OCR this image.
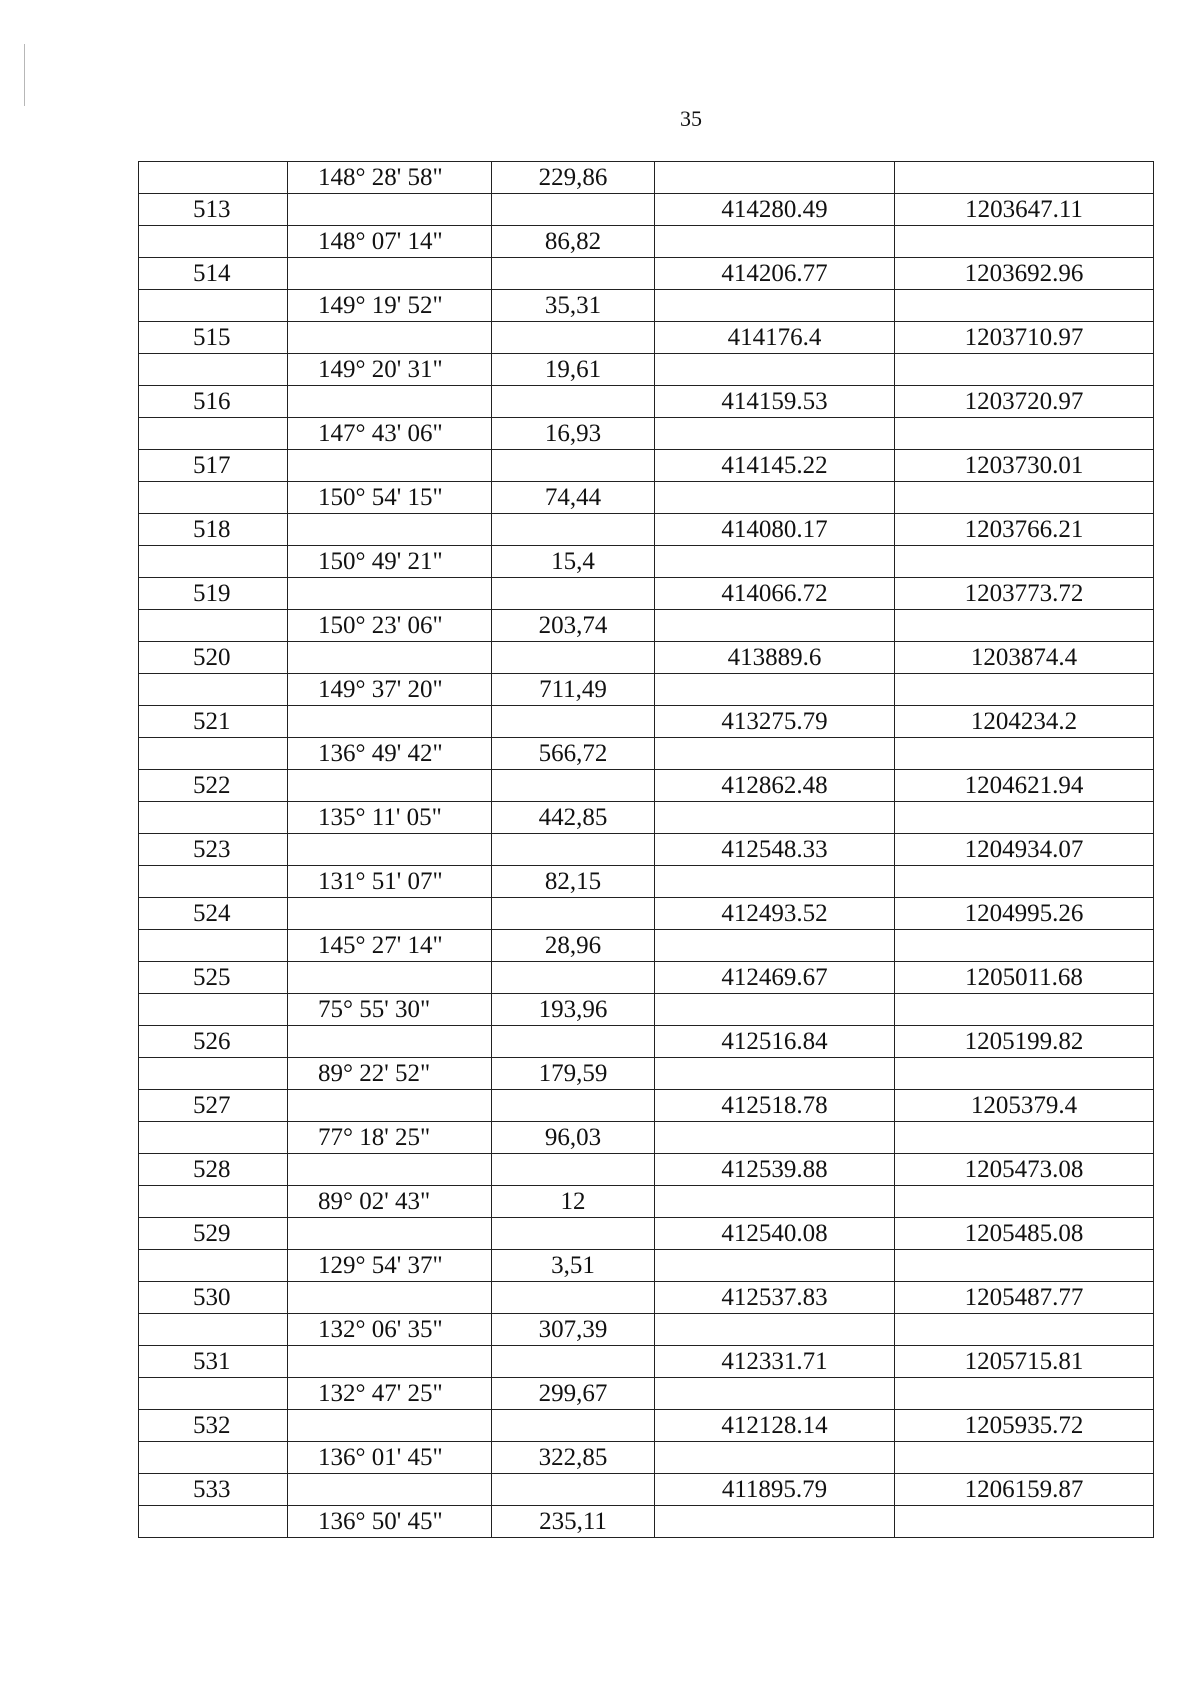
35
	148° 28' 58"	229,86		
513			414280.49	1203647.11
	148° 07' 14"	86,82		
514			414206.77	1203692.96
	149° 19' 52"	35,31		
515			414176.4	1203710.97
	149° 20' 31"	19,61		
516			414159.53	1203720.97
	147° 43' 06"	16,93		
517			414145.22	1203730.01
	150° 54' 15"	74,44		
518			414080.17	1203766.21
	150° 49' 21"	15,4		
519			414066.72	1203773.72
	150° 23' 06"	203,74		
520			413889.6	1203874.4
	149° 37' 20"	711,49		
521			413275.79	1204234.2
	136° 49' 42"	566,72		
522			412862.48	1204621.94
	135° 11' 05"	442,85		
523			412548.33	1204934.07
	131° 51' 07"	82,15		
524			412493.52	1204995.26
	145° 27' 14"	28,96		
525			412469.67	1205011.68
	75° 55' 30"	193,96		
526			412516.84	1205199.82
	89° 22' 52"	179,59		
527			412518.78	1205379.4
	77° 18' 25"	96,03		
528			412539.88	1205473.08
	89° 02' 43"	12		
529			412540.08	1205485.08
	129° 54' 37"	3,51		
530			412537.83	1205487.77
	132° 06' 35"	307,39		
531			412331.71	1205715.81
	132° 47' 25"	299,67		
532			412128.14	1205935.72
	136° 01' 45"	322,85		
533			411895.79	1206159.87
	136° 50' 45"	235,11		
